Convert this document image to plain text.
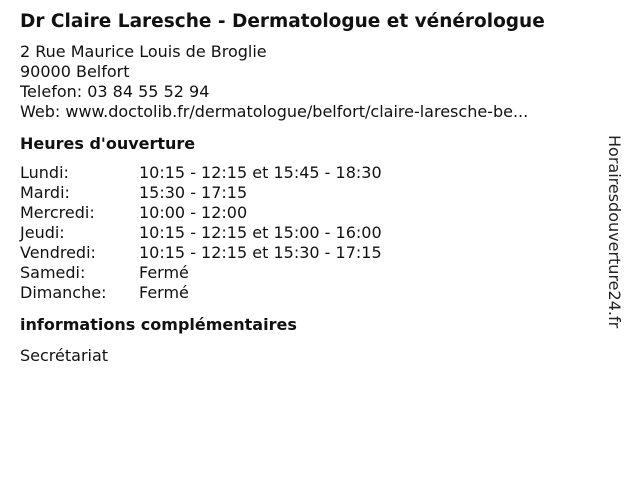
Dr Claire Laresche - Dermatologue et vénérologue
2 Rue Maurice Louis de Broglie
90000 Belfort
Telefon: 03 84 55 52 94
Web: www.doctolib.fr/dermatologue/belfort/claire-laresche-be...
Heures d'ouverture
Lundi:	10:15 - 12:15 et 15:45 - 18:30
Mardi:	15:30 - 17:15
Mercredi:	10:00 - 12:00
Jeudi:	10:15 - 12:15 et 15:00 - 16:00
Vendredi:	10:15 - 12:15 et 15:30 - 17:15
Samedi:	Fermé
Dimanche:	Fermé
informations complémentaires
Secrétariat
Horairesdouverture24.fr
